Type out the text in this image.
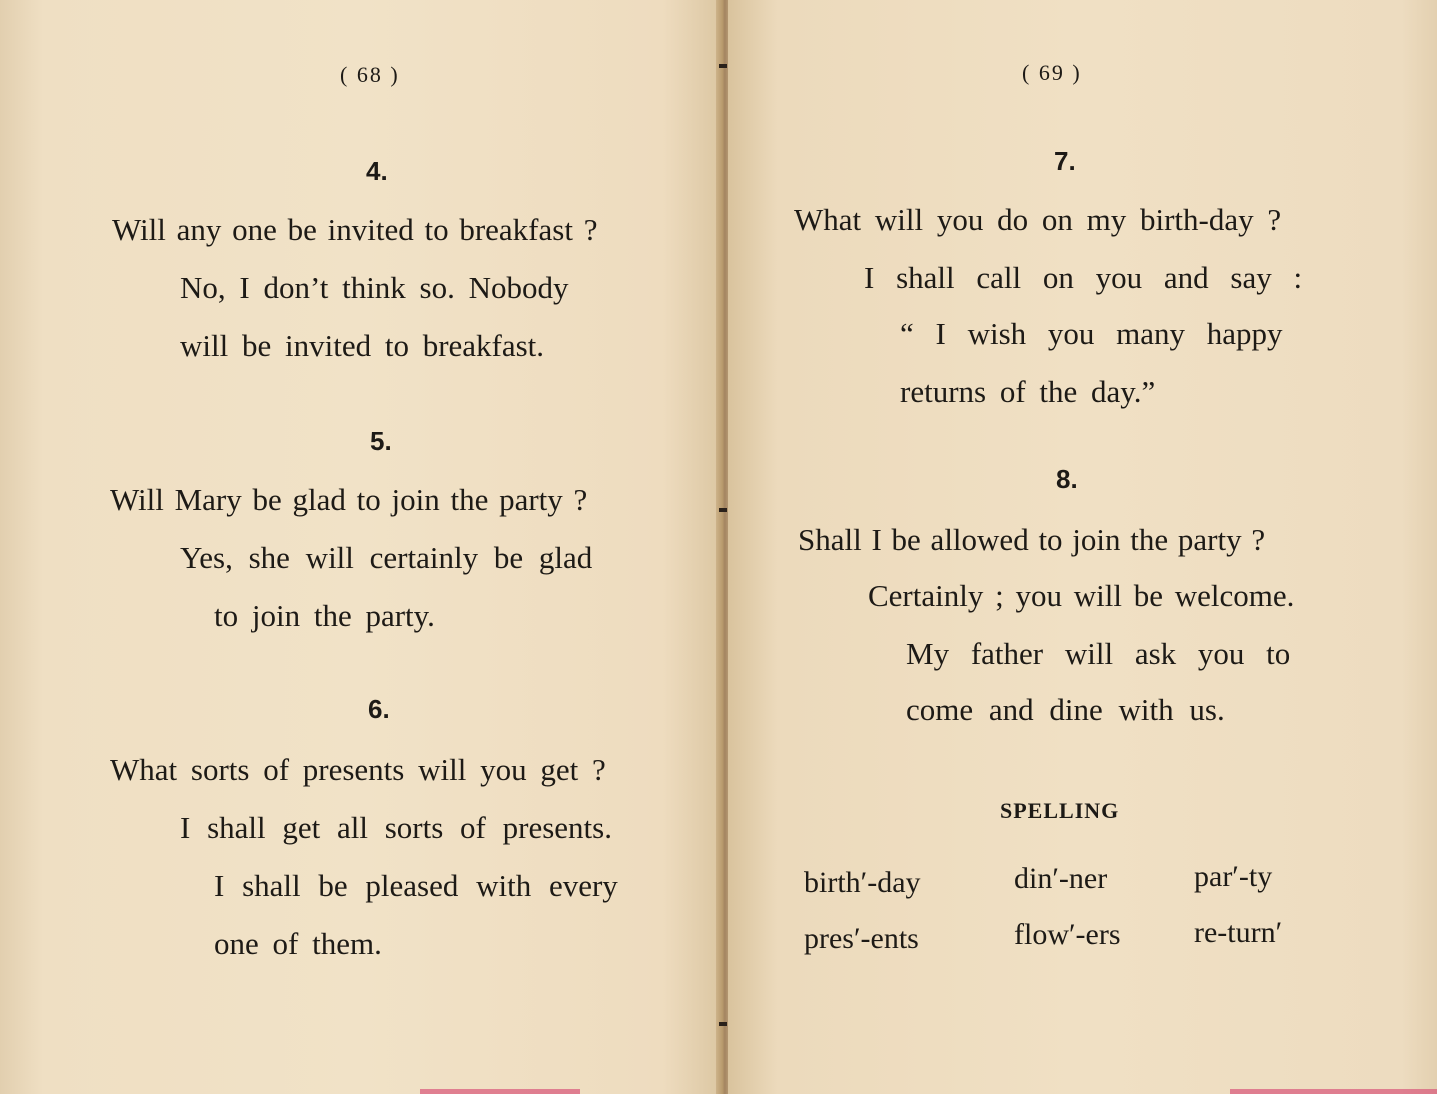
( 68 )
4.
Will any one be invited to breakfast ?
No, I don’t think so. Nobody
will be invited to breakfast.
5.
Will Mary be glad to join the party ?
Yes, she will certainly be glad
to join the party.
6.
What sorts of presents will you get ?
I shall get all sorts of presents.
I shall be pleased with every
one of them.
( 69 )
7.
What will you do on my birth-day ?
I shall call on you and say :
“ I wish you many happy
returns of the day.”
8.
Shall I be allowed to join the party ?
Certainly ; you will be welcome.
My father will ask you to
come and dine with us.
SPELLING
birth′-day	din′-ner	par′-ty
pres′-ents	flow′-ers re-turn′
